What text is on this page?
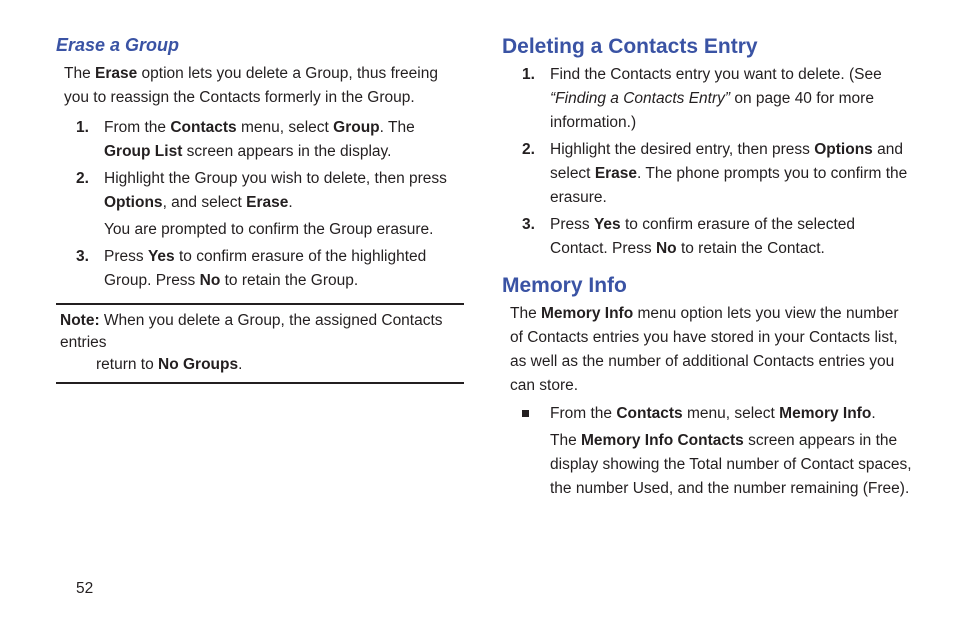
Erase a Group

The Erase option lets you delete a Group, thus freeing you to reassign the Contacts formerly in the Group.

1. From the Contacts menu, select Group. The Group List screen appears in the display.
2. Highlight the Group you wish to delete, then press Options, and select Erase.
You are prompted to confirm the Group erasure.
3. Press Yes to confirm erasure of the highlighted Group. Press No to retain the Group.
Note: When you delete a Group, the assigned Contacts entries
return to No Groups.
Deleting a Contacts Entry
1. Find the Contacts entry you want to delete. (See “Finding a Contacts Entry” on page 40 for more information.)
2. Highlight the desired entry, then press Options and select Erase. The phone prompts you to confirm the erasure.
3. Press Yes to confirm erasure of the selected Contact. Press No to retain the Contact.
Memory Info

The Memory Info menu option lets you view the number of Contacts entries you have stored in your Contacts list, as well as the number of additional Contacts entries you can store.

From the Contacts menu, select Memory Info.
The Memory Info Contacts screen appears in the display showing the Total number of Contact spaces, the number Used, and the number remaining (Free).
52
